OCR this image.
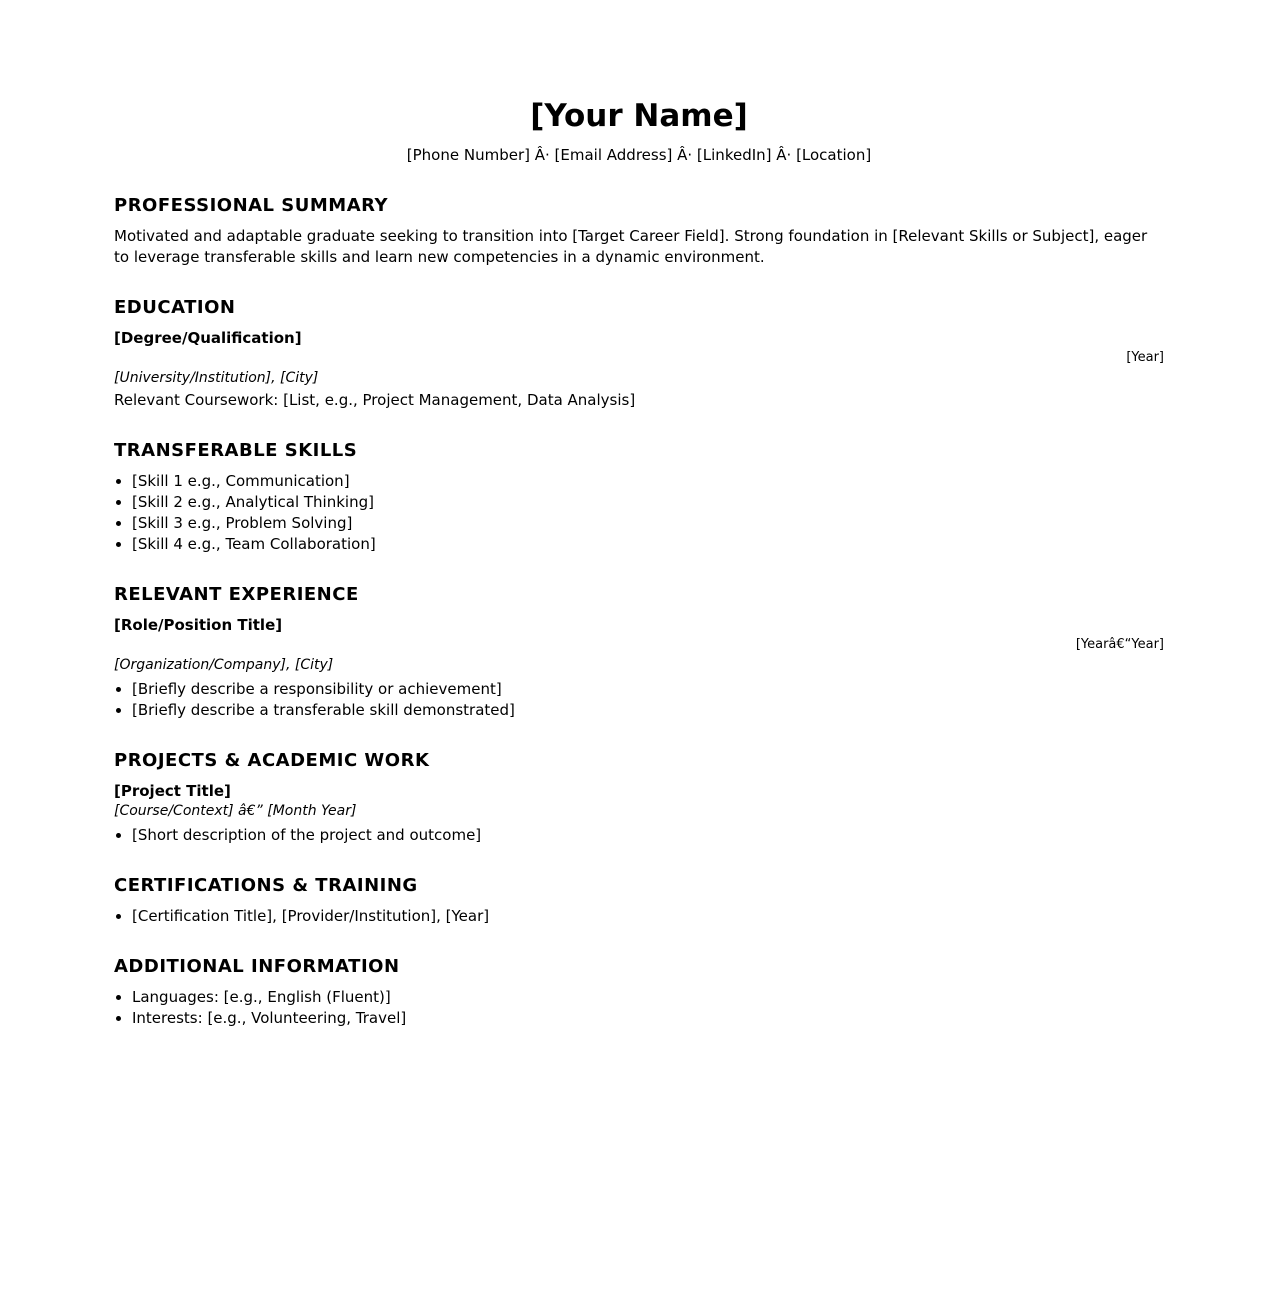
[Your Name]

[Phone Number] Â· [Email Address] Â· [LinkedIn] Â· [Location]

PROFESSIONAL SUMMARY

Motivated and adaptable graduate seeking to transition into [Target Career Field]. Strong foundation in [Relevant Skills or Subject], eager to leverage transferable skills and learn new competencies in a dynamic environment.

EDUCATION

[Degree/Qualification]

[Year]

[University/Institution], [City]

Relevant Coursework: [List, e.g., Project Management, Data Analysis]

TRANSFERABLE SKILLS
• [Skill 1 e.g., Communication]
• [Skill 2 e.g., Analytical Thinking]
• [Skill 3 e.g., Problem Solving]
• [Skill 4 e.g., Team Collaboration]
RELEVANT EXPERIENCE

[Role/Position Title]

[Yearâ€“Year]

[Organization/Company], [City]

• [Briefly describe a responsibility or achievement]
• [Briefly describe a transferable skill demonstrated]
PROJECTS & ACADEMIC WORK

[Project Title]

[Course/Context] â€” [Month Year]

• [Short description of the project and outcome]
CERTIFICATIONS & TRAINING
• [Certification Title], [Provider/Institution], [Year]
ADDITIONAL INFORMATION
• Languages: [e.g., English (Fluent)]
• Interests: [e.g., Volunteering, Travel]
